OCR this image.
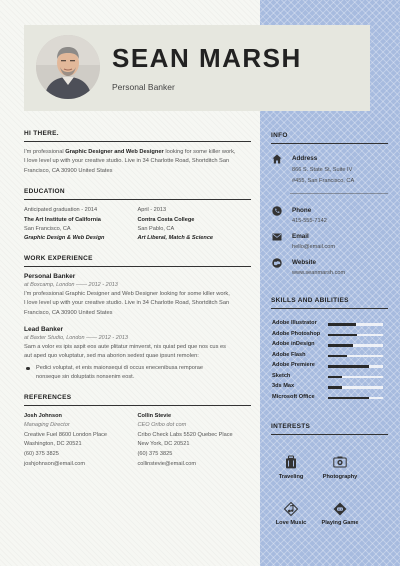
SEAN MARSH
Personal Banker
HI THERE.
I'm professional Graphic Designer and Web Designer looking for some killer work,
I love level up with your creative studio. Live in 34 Charlotte Road, Shortditch San
Francisco, CA 30900 United States
EDUCATION
Anticipated graduation - 2014
The Art Institute of California
San Francisco, CA
Graphic Design & Web Design
April - 2013
Contra Costa College
San Pablo, CA
Art Liberal, Match & Science
WORK EXPERIENCE
Personal Banker
at Boxcamp, London —— 2012 - 2013
I'm professional Graphic Designer and Web Designer looking for some killer work,
I love level up with your creative studio. Live in 34 Charlotte Road, Shortditch San
Francisco, CA 30900 United States
Lead Banker
at Baxter Studio, London —— 2012 - 2013
Sam a volor es ipis aspit eos aute plitatur minverst, nis quiat ped que nos cus es
aut aped quo voluptatur, sed ma aborion sedest quae ipsunt remolen:
Pedici voluptat, et enis maionsequi di occus enecenibusa remporae
nonseque sin doluptatis nonsenim eost.
REFERENCES
Josh Johnson
Managing Director
Creative Fuel 8600 London Place
Washington, DC 20521
(60) 375 3825
joshjohnson@email.com
Collin Stevie
CEO Oribo dot com
Cribo Check Labs 5520 Quebec Place
New York, DC 20521
(60) 375 3825
collinstevie@email.com
INFO
Address
866 S. State St, Suite IV
#455, San Francisco, CA
Phone
415-555-7142
Email
hello@email.com
Website
www.seanmarsh.com
SKILLS AND ABILITIES
Adobe Illustrator
Adobe Photoshop
Adobe inDesign
Adobe Flash
Adobe Premiere
Sketch
3ds Max
Microsoft Office
INTERESTS
Traveling	Photography
Love Music	Playing Game
